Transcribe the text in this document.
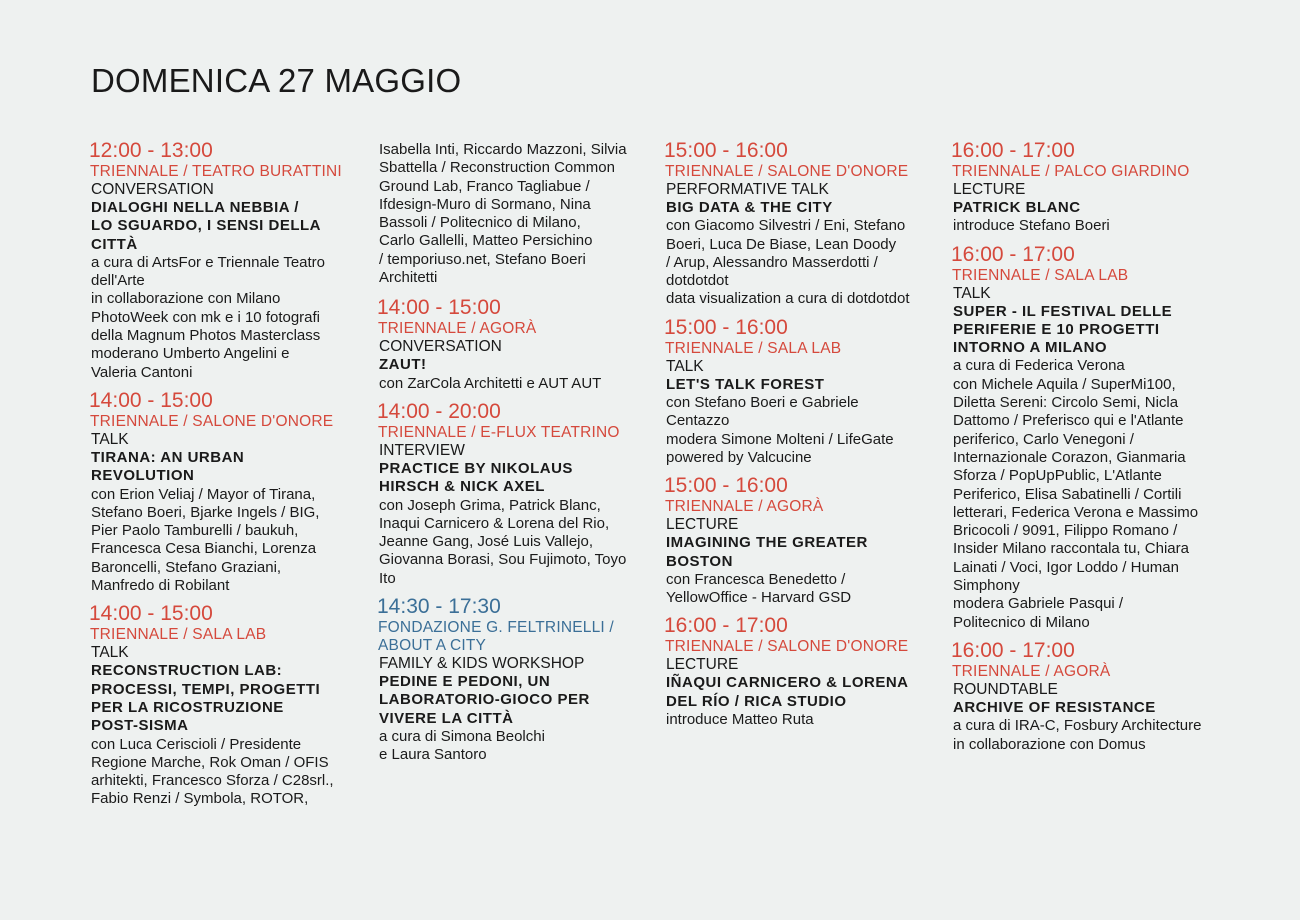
DOMENICA 27 MAGGIO
12:00 - 13:00
TRIENNALE / TEATRO BURATTINI
CONVERSATION
DIALOGHI NELLA NEBBIA /
LO SGUARDO, I SENSI DELLA
CITTÀ
a cura di ArtsFor e Triennale Teatro
dell'Arte
in collaborazione con Milano
PhotoWeek con mk e i 10 fotografi
della Magnum Photos Masterclass
moderano Umberto Angelini e
Valeria Cantoni
14:00 - 15:00
TRIENNALE / SALONE D'ONORE
TALK
TIRANA: AN URBAN
REVOLUTION
con Erion Veliaj / Mayor of Tirana,
Stefano Boeri, Bjarke Ingels / BIG,
Pier Paolo Tamburelli / baukuh,
Francesca Cesa Bianchi, Lorenza
Baroncelli, Stefano Graziani,
Manfredo di Robilant
14:00 - 15:00
TRIENNALE / SALA LAB
TALK
RECONSTRUCTION LAB:
PROCESSI, TEMPI, PROGETTI
PER LA RICOSTRUZIONE
POST-SISMA
con Luca Ceriscioli / Presidente
Regione Marche, Rok Oman / OFIS
arhitekti, Francesco Sforza / C28srl.,
Fabio Renzi / Symbola, ROTOR,
Isabella Inti, Riccardo Mazzoni, Silvia
Sbattella / Reconstruction Common
Ground Lab, Franco Tagliabue /
Ifdesign-Muro di Sormano, Nina
Bassoli / Politecnico di Milano,
Carlo Gallelli, Matteo Persichino
/ temporiuso.net, Stefano Boeri
Architetti
14:00 - 15:00
TRIENNALE / AGORÀ
CONVERSATION
ZAUT!
con ZarCola Architetti e AUT AUT
14:00 - 20:00
TRIENNALE / E-FLUX TEATRINO
INTERVIEW
PRACTICE BY NIKOLAUS
HIRSCH & NICK AXEL
con Joseph Grima, Patrick Blanc,
Inaqui Carnicero & Lorena del Rio,
Jeanne Gang, José Luis Vallejo,
Giovanna Borasi, Sou Fujimoto, Toyo
Ito
14:30 - 17:30
FONDAZIONE G. FELTRINELLI /
ABOUT A CITY
FAMILY & KIDS WORKSHOP
PEDINE E PEDONI, UN
LABORATORIO-GIOCO PER
VIVERE LA CITTÀ
a cura di Simona Beolchi
e Laura Santoro
15:00 - 16:00
TRIENNALE / SALONE D'ONORE
PERFORMATIVE TALK
BIG DATA & THE CITY
con Giacomo Silvestri / Eni, Stefano
Boeri, Luca De Biase, Lean Doody
/ Arup, Alessandro Masserdotti /
dotdotdot
data visualization a cura di dotdotdot
15:00 - 16:00
TRIENNALE / SALA LAB
TALK
LET'S TALK FOREST
con Stefano Boeri e Gabriele
Centazzo
modera Simone Molteni / LifeGate
powered by Valcucine
15:00 - 16:00
TRIENNALE / AGORÀ
LECTURE
IMAGINING THE GREATER
BOSTON
con Francesca Benedetto /
YellowOffice - Harvard GSD
16:00 - 17:00
TRIENNALE / SALONE D'ONORE
LECTURE
IÑAQUI CARNICERO & LORENA
DEL RÍO / RICA STUDIO
introduce Matteo Ruta
16:00 - 17:00
TRIENNALE / PALCO GIARDINO
LECTURE
PATRICK BLANC
introduce Stefano Boeri
16:00 - 17:00
TRIENNALE / SALA LAB
TALK
SUPER - IL FESTIVAL DELLE
PERIFERIE E 10 PROGETTI
INTORNO A MILANO
a cura di Federica Verona
con Michele Aquila / SuperMi100,
Diletta Sereni: Circolo Semi, Nicla
Dattomo / Preferisco qui e l'Atlante
periferico, Carlo Venegoni /
Internazionale Corazon, Gianmaria
Sforza / PopUpPublic, L'Atlante
Periferico, Elisa Sabatinelli / Cortili
letterari, Federica Verona e Massimo
Bricocoli / 9091, Filippo Romano /
Insider Milano raccontala tu, Chiara
Lainati / Voci, Igor Loddo / Human
Simphony
modera Gabriele Pasqui /
Politecnico di Milano
16:00 - 17:00
TRIENNALE / AGORÀ
ROUNDTABLE
ARCHIVE OF RESISTANCE
a cura di IRA-C, Fosbury Architecture
in collaborazione con Domus
